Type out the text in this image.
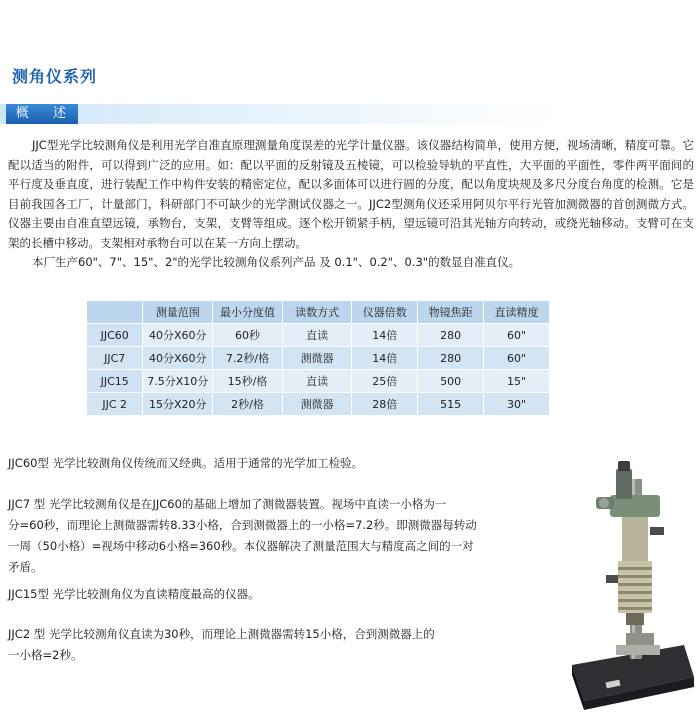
测角仪系列
概 述

JJC型光学比较测角仪是利用光学自准直原理测量角度误差的光学计量仪器。该仪器结构简单，使用方便，视场清晰，精度可靠。它配以适当的附件，可以得到广泛的应用。如：配以平面的反射镜及五棱镜，可以检验导轨的平直性，大平面的平面性，零件两平面间的平行度及垂直度，进行装配工作中构件安装的精密定位，配以多面体可以进行圆的分度，配以角度块规及多尺分度台角度的检测。它是目前我国各工厂，计量部门，科研部门不可缺少的光学测试仪器之一。JJC2型测角仪还采用阿贝尔平行光管加测微器的首创测微方式。仪器主要由自准直望远镜，承物台，支架，支臂等组成。逐个松开锁紧手柄，望远镜可沿其光轴方向转动，或绕光轴移动。支臂可在支架的长槽中移动。支架相对承物台可以在某一方向上摆动。

本厂生产60"、7"、15"、2"的光学比较测角仪系列产品 及 0.1"、0.2"、0.3"的数显自准直仪。

	测量范围	最小分度值	读数方式	仪器倍数	物镜焦距	直读精度
JJC60	40分X60分	60秒	直读	14倍	280	60"
JJC7	40分X60分	7.2秒/格	测微器	14倍	280	60"
JJC15	7.5分X10分	15秒/格	直读	25倍	500	15"
JJC 2	15分X20分	2秒/格	测微器	28倍	515	30"
JJC60型 光学比较测角仪传统而又经典。适用于通常的光学加工检验。
JJC7 型 光学比较测角仪是在JJC60的基础上增加了测微器装置。视场中直读一小格为一
分=60秒，而理论上测微器需转8.33小格，合到测微器上的一小格=7.2秒。即测微器每转动
一周（50小格）=视场中移动6小格=360秒。本仪器解决了测量范围大与精度高之间的一对
矛盾。
JJC15型 光学比较测角仪为直读精度最高的仪器。
JJC2 型 光学比较测角仪直读为30秒，而理论上测微器需转15小格，合到测微器上的
一小格=2秒。
